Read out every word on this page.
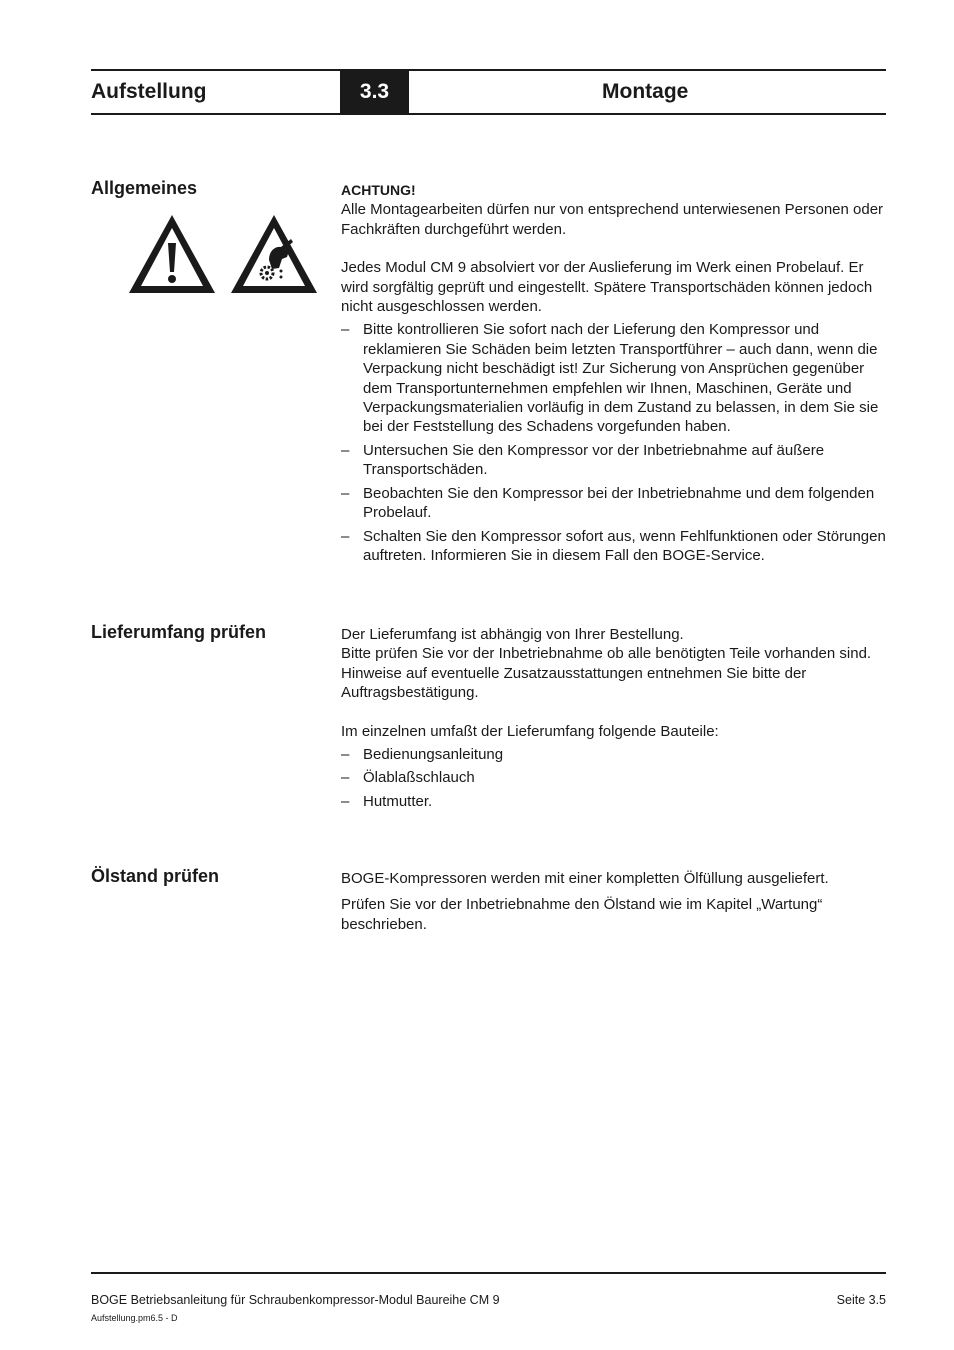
Aufstellung	3.3	Montage
Allgemeines	ACHTUNG!

Alle Montagearbeiten dürfen nur von entsprechend unterwiesenen Personen oder Fachkräften durchgeführt werden.

Jedes Modul CM 9 absolviert vor der Auslieferung im Werk einen Probelauf. Er wird sorgfältig geprüft und eingestellt. Spätere Transportschäden können jedoch nicht ausgeschlossen werden.

– Bitte kontrollieren Sie sofort nach der Lieferung den Kompressor und reklamieren Sie Schäden beim letzten Transportführer – auch dann, wenn die Verpackung nicht beschädigt ist! Zur Sicherung von Ansprüchen gegenüber dem Transportunternehmen empfehlen wir Ihnen, Maschinen, Geräte und Verpackungsmaterialien vorläufig in dem Zustand zu belassen, in dem Sie sie bei der Feststellung des Schadens vorgefunden haben.
– Untersuchen Sie den Kompressor vor der Inbetriebnahme auf äußere Transportschäden.
– Beobachten Sie den Kompressor bei der Inbetriebnahme und dem folgenden Probelauf.
– Schalten Sie den Kompressor sofort aus, wenn Fehlfunktionen oder Störungen auftreten. Informieren Sie in diesem Fall den BOGE-Service.
Lieferumfang prüfen	Der Lieferumfang ist abhängig von Ihrer Bestellung.

Bitte prüfen Sie vor der Inbetriebnahme ob alle benötigten Teile vorhanden sind. Hinweise auf eventuelle Zusatzausstattungen entnehmen Sie bitte der Auftragsbestätigung.

Im einzelnen umfaßt der Lieferumfang folgende Bauteile:

– Bedienungsanleitung
– Ölablaßschlauch
– Hutmutter.
Ölstand prüfen	BOGE-Kompressoren werden mit einer kompletten Ölfüllung ausgeliefert.

Prüfen Sie vor der Inbetriebnahme den Ölstand wie im Kapitel „Wartung“ beschrieben.

BOGE Betriebsanleitung für Schraubenkompressor-Modul Baureihe CM 9	Seite 3.5
Aufstellung.pm6.5 - D
